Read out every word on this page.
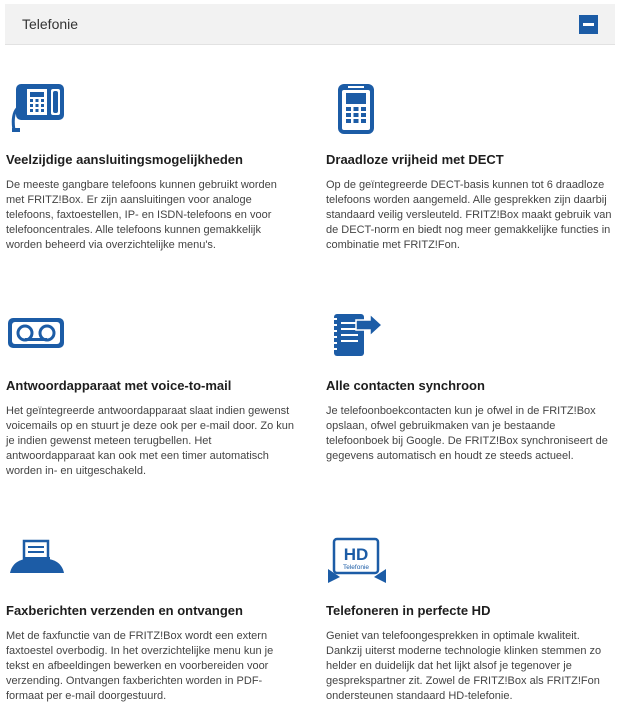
Telefonie
Veelzijdige aansluitingsmogelijkheden

De meeste gangbare telefoons kunnen gebruikt worden met FRITZ!Box. Er zijn aansluitingen voor analoge telefoons, faxtoestellen, IP- en ISDN-telefoons en voor telefooncentrales. Alle telefoons kunnen gemakkelijk worden beheerd via overzichtelijke menu's.

Draadloze vrijheid met DECT

Op de geïntegreerde DECT-basis kunnen tot 6 draadloze telefoons worden aangemeld. Alle gesprekken zijn daarbij standaard veilig versleuteld. FRITZ!Box maakt gebruik van de DECT-norm en biedt nog meer gemakkelijke functies in combinatie met FRITZ!Fon.

Antwoordapparaat met voice-to-mail

Het geïntegreerde antwoordapparaat slaat indien gewenst voicemails op en stuurt je deze ook per e-mail door. Zo kun je indien gewenst meteen terugbellen. Het antwoordapparaat kan ook met een timer automatisch worden in- en uitgeschakeld.

Alle contacten synchroon

Je telefoonboekcontacten kun je ofwel in de FRITZ!Box opslaan, ofwel gebruikmaken van je bestaande telefoonboek bij Google. De FRITZ!Box synchroniseert de gegevens automatisch en houdt ze steeds actueel.

Faxberichten verzenden en ontvangen

Met de faxfunctie van de FRITZ!Box wordt een extern faxtoestel overbodig. In het overzichtelijke menu kun je tekst en afbeeldingen bewerken en voorbereiden voor verzending. Ontvangen faxberichten worden in PDF-formaat per e-mail doorgestuurd.

HD
Telefonie
Telefoneren in perfecte HD

Geniet van telefoongesprekken in optimale kwaliteit. Dankzij uiterst moderne technologie klinken stemmen zo helder en duidelijk dat het lijkt alsof je tegenover je gesprekspartner zit. Zowel de FRITZ!Box als FRITZ!Fon ondersteunen standaard HD-telefonie.
